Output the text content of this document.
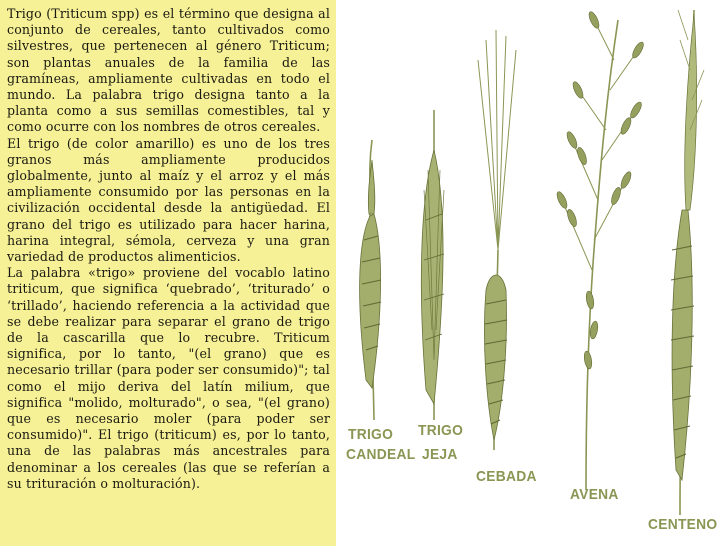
Trigo (Triticum spp) es el término que designa al conjunto de cereales, tanto cultivados como silvestres, que pertenecen al género Triticum; son plantas anuales de la familia de las gramíneas, ampliamente cultivadas en todo el mundo. La palabra trigo designa tanto a la planta como a sus semillas comestibles, tal y como ocurre con los nombres de otros cereales.

El trigo (de color amarillo) es uno de los tres granos más ampliamente producidos globalmente, junto al maíz y el arroz y el más ampliamente consumido por las personas en la civilización occidental desde la antigüedad. El grano del trigo es utilizado para hacer harina, harina integral, sémola, cerveza y una gran variedad de productos alimenticios.

La palabra «trigo» proviene del vocablo latino triticum, que significa ‘quebrado’, ‘triturado’ o ‘trillado’, haciendo referencia a la actividad que se debe realizar para separar el grano de trigo de la cascarilla que lo recubre. Triticum significa, por lo tanto, "(el grano) que es necesario trillar (para poder ser consumido)"; tal como el mijo deriva del latín milium, que significa "molido, molturado", o sea, "(el grano) que es necesario moler (para poder ser consumido)". El trigo (triticum) es, por lo tanto, una de las palabras más ancestrales para denominar a los cereales (las que se referían a su trituración o molturación).

TRIGO
CANDEAL
TRIGO
JEJA
CEBADA
AVENA
CENTENO
